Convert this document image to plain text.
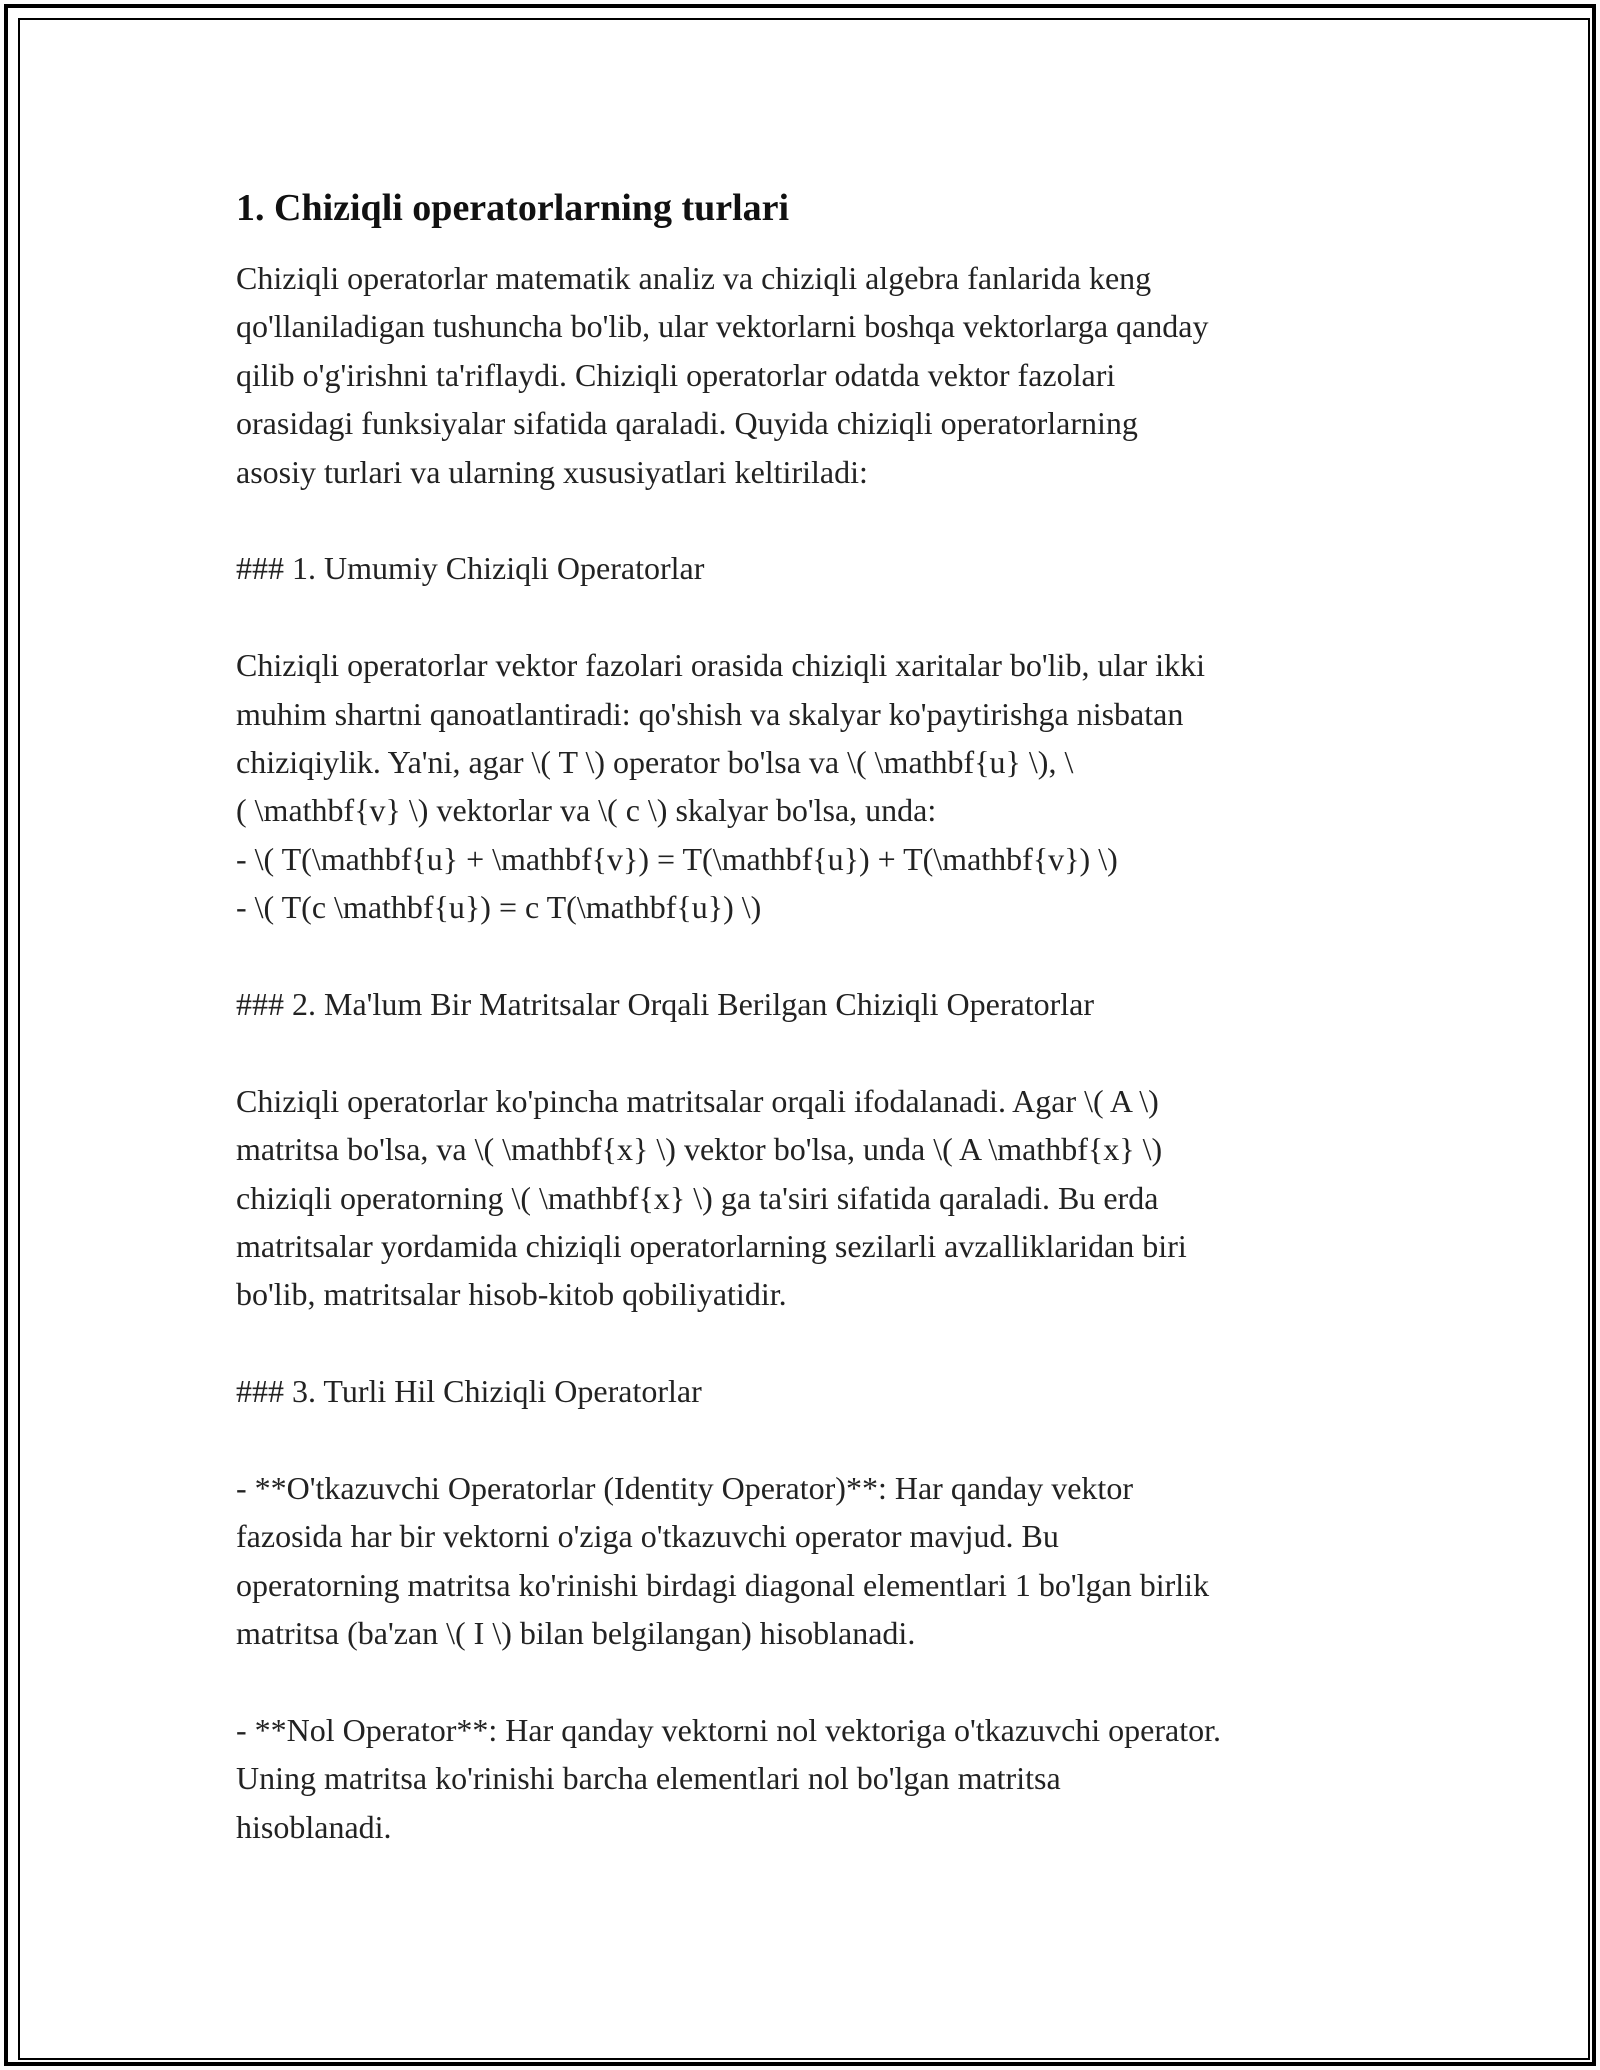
1. Chiziqli operatorlarning turlari

Chiziqli operatorlar matematik analiz va chiziqli algebra fanlarida keng
qo'llaniladigan tushuncha bo'lib, ular vektorlarni boshqa vektorlarga qanday
qilib o'g'irishni ta'riflaydi. Chiziqli operatorlar odatda vektor fazolari
orasidagi funksiyalar sifatida qaraladi. Quyida chiziqli operatorlarning
asosiy turlari va ularning xususiyatlari keltiriladi:

### 1. Umumiy Chiziqli Operatorlar

Chiziqli operatorlar vektor fazolari orasida chiziqli xaritalar bo'lib, ular ikki
muhim shartni qanoatlantiradi: qo'shish va skalyar ko'paytirishga nisbatan
chiziqiylik. Ya'ni, agar \( T \) operator bo'lsa va \( \mathbf{u} \), \
( \mathbf{v} \) vektorlar va \( c \) skalyar bo'lsa, unda:
- \( T(\mathbf{u} + \mathbf{v}) = T(\mathbf{u}) + T(\mathbf{v}) \)
- \( T(c \mathbf{u}) = c T(\mathbf{u}) \)

### 2. Ma'lum Bir Matritsalar Orqali Berilgan Chiziqli Operatorlar

Chiziqli operatorlar ko'pincha matritsalar orqali ifodalanadi. Agar \( A \)
matritsa bo'lsa, va \( \mathbf{x} \) vektor bo'lsa, unda \( A \mathbf{x} \)
chiziqli operatorning \( \mathbf{x} \) ga ta'siri sifatida qaraladi. Bu erda
matritsalar yordamida chiziqli operatorlarning sezilarli avzalliklaridan biri
bo'lib, matritsalar hisob-kitob qobiliyatidir.

### 3. Turli Hil Chiziqli Operatorlar

- **O'tkazuvchi Operatorlar (Identity Operator)**: Har qanday vektor
fazosida har bir vektorni o'ziga o'tkazuvchi operator mavjud. Bu
operatorning matritsa ko'rinishi birdagi diagonal elementlari 1 bo'lgan birlik
matritsa (ba'zan \( I \) bilan belgilangan) hisoblanadi.

- **Nol Operator**: Har qanday vektorni nol vektoriga o'tkazuvchi operator.
Uning matritsa ko'rinishi barcha elementlari nol bo'lgan matritsa
hisoblanadi.
